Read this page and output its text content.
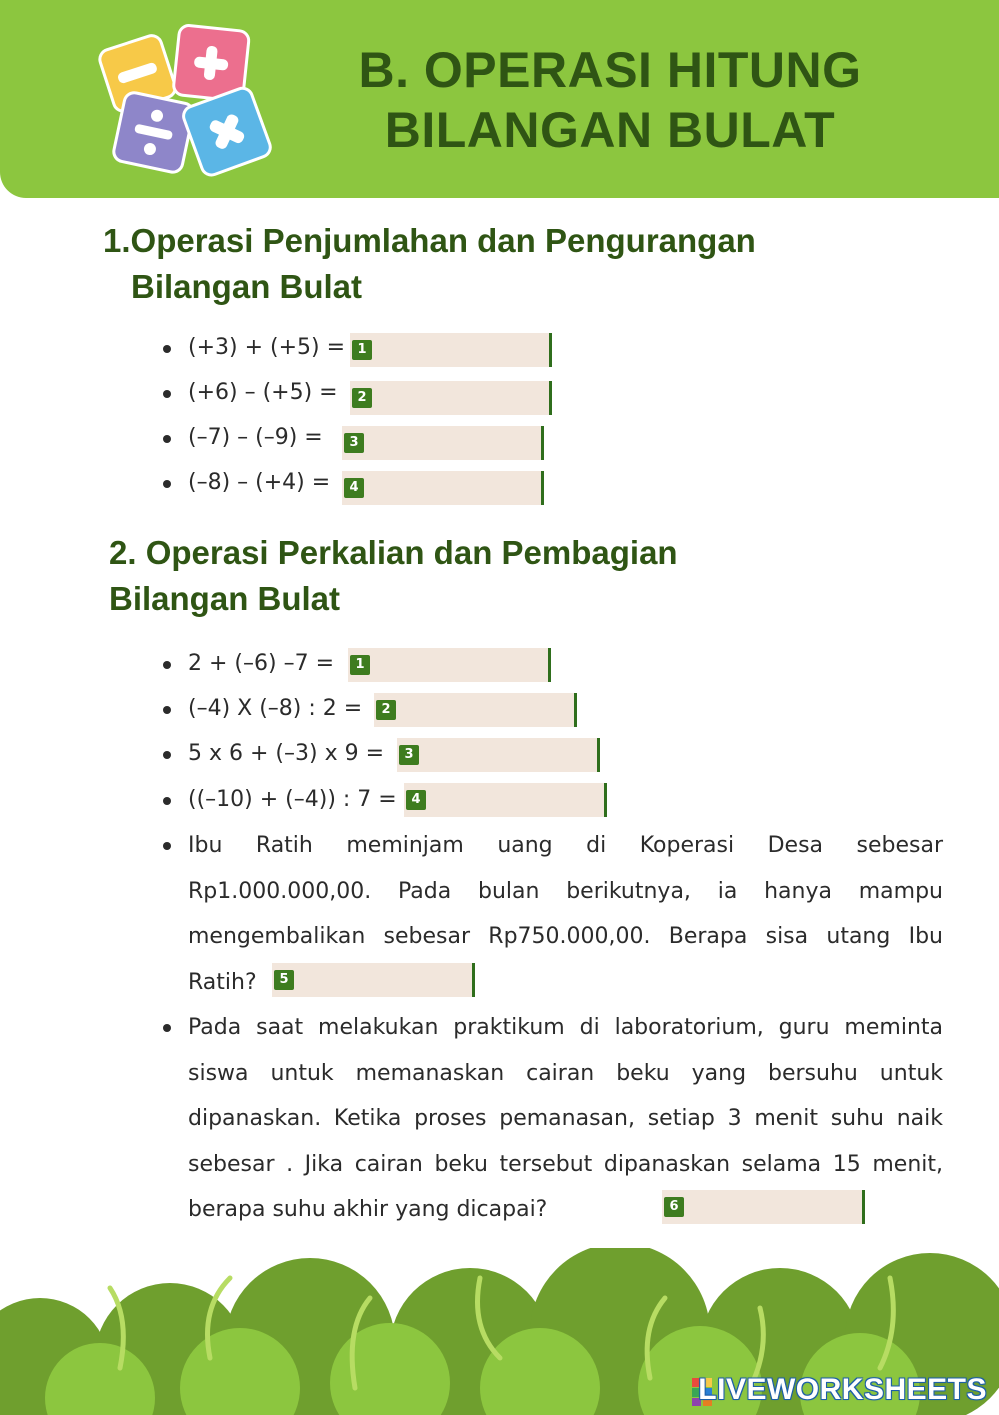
B. OPERASI HITUNG
BILANGAN BULAT
1.Operasi Penjumlahan dan Pengurangan
Bilangan Bulat
(+3) + (+5) = 1
(+6) – (+5) =	2
(–7) – (–9) =	3
(–8) – (+4) =	4
2. Operasi Perkalian dan Pembagian
Bilangan Bulat
2 + (–6) –7 =	1
(–4) X (–8) : 2 =	2
5 x 6 + (–3) x 9 =	3
((–10) + (–4)) : 7 =	4

Ibu Ratih meminjam uang di Koperasi Desa sebesar Rp1.000.000,00. Pada bulan berikutnya, ia hanya mampu mengembalikan sebesar Rp750.000,00. Berapa sisa utang Ibu Ratih?	5

Pada saat melakukan praktikum di laboratorium, guru meminta siswa untuk memanaskan cairan beku yang bersuhu untuk dipanaskan. Ketika proses pemanasan, setiap 3 menit suhu naik sebesar . Jika cairan beku tersebut dipanaskan selama 15 menit, berapa suhu akhir yang dicapai?	6
LIVEWORKSHEETS
